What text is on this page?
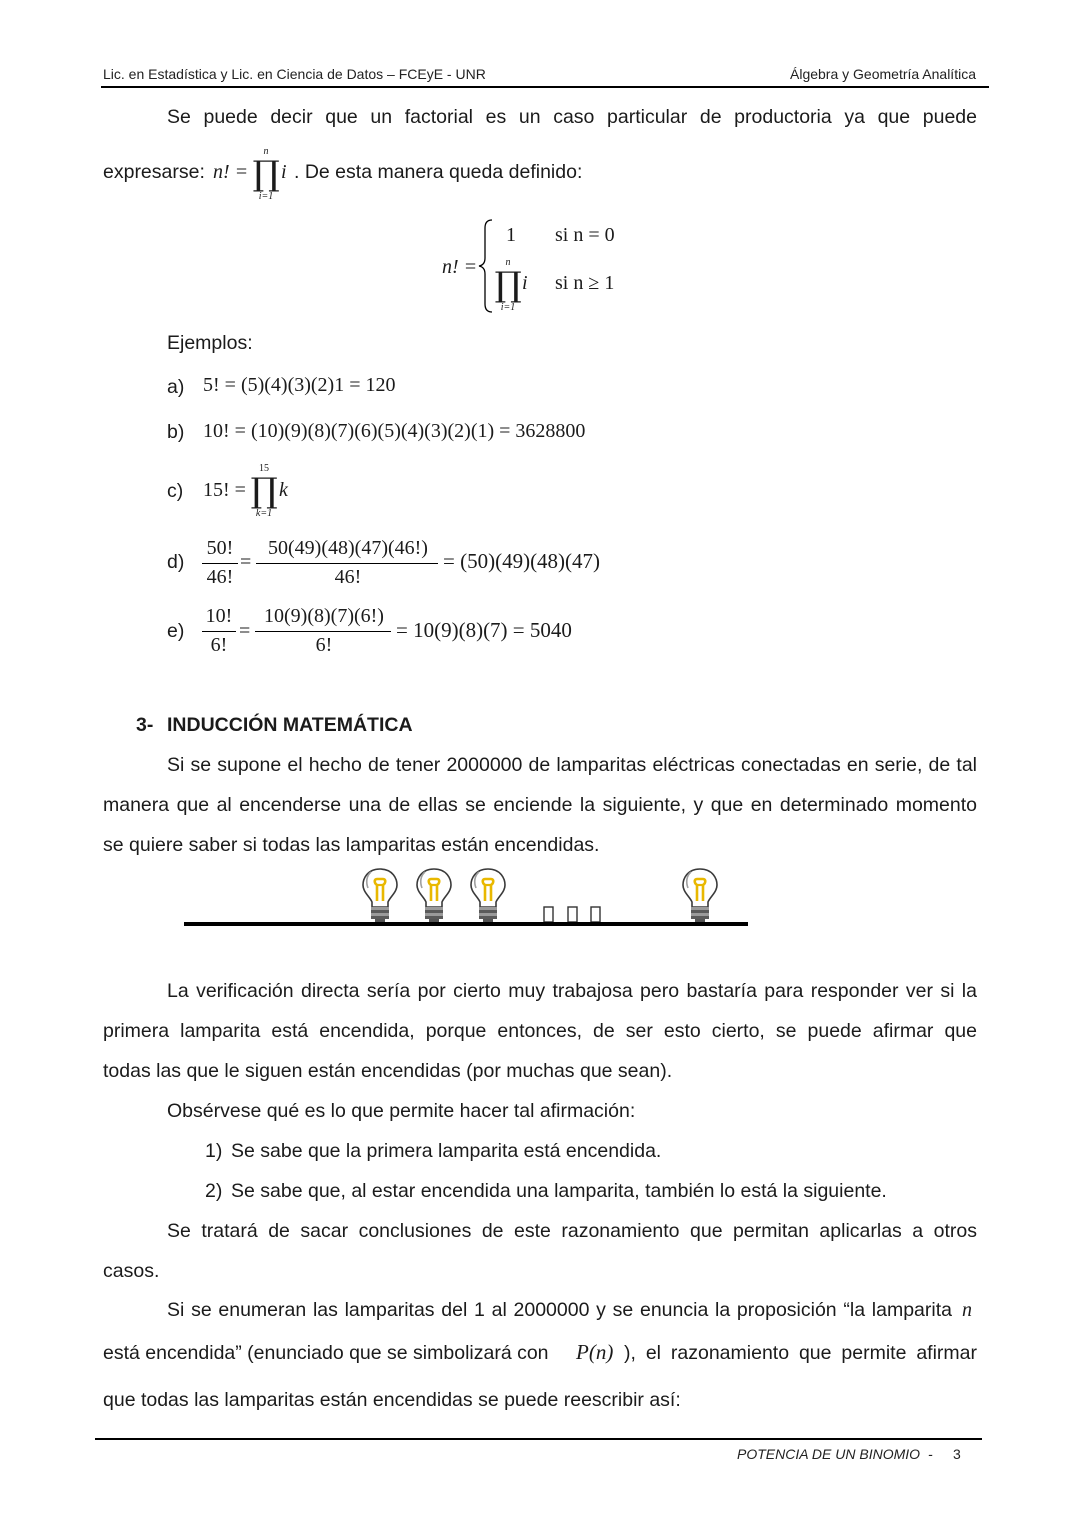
Lic. en Estadística y Lic. en Ciencia de Datos – FCEyE - UNR	Álgebra y Geometría Analítica
Se puede decir que un factorial es un caso particular de productoria ya que puede
expresarse: n! =
n
∏
i=1
i . De esta manera queda definido:
n! =
1 si n = 0
n
∏
i=1
i si n ≥ 1
Ejemplos:
a) 5! = (5)(4)(3)(2)1 = 120
b) 10! = (10)(9)(8)(7)(6)(5)(4)(3)(2)(1) = 3628800
c) 15! =
15
∏
k=1
k
d)
50!
46!
=
50(49)(48)(47)(46!)
46!
= (50)(49)(48)(47)
e)
10!
6!
=
10(9)(8)(7)(6!)
6!
= 10(9)(8)(7) = 5040
3- INDUCCIÓN MATEMÁTICA
Si se supone el hecho de tener 2000000 de lamparitas eléctricas conectadas en serie, de tal
manera que al encenderse una de ellas se enciende la siguiente, y que en determinado momento
se quiere saber si todas las lamparitas están encendidas.
La verificación directa sería por cierto muy trabajosa pero bastaría para responder ver si la
primera lamparita está encendida, porque entonces, de ser esto cierto, se puede afirmar que
todas las que le siguen están encendidas (por muchas que sean).
Obsérvese qué es lo que permite hacer tal afirmación:
1) Se sabe que la primera lamparita está encendida.
2) Se sabe que, al estar encendida una lamparita, también lo está la siguiente.
Se tratará de sacar conclusiones de este razonamiento que permitan aplicarlas a otros
casos.
Si se enumeran las lamparitas del 1 al 2000000 y se enuncia la proposición “la lamparita n
está encendida” (enunciado que se simbolizará con P(n) ), el razonamiento que permite afirmar
que todas las lamparitas están encendidas se puede reescribir así:
POTENCIA DE UN BINOMIO - 3
